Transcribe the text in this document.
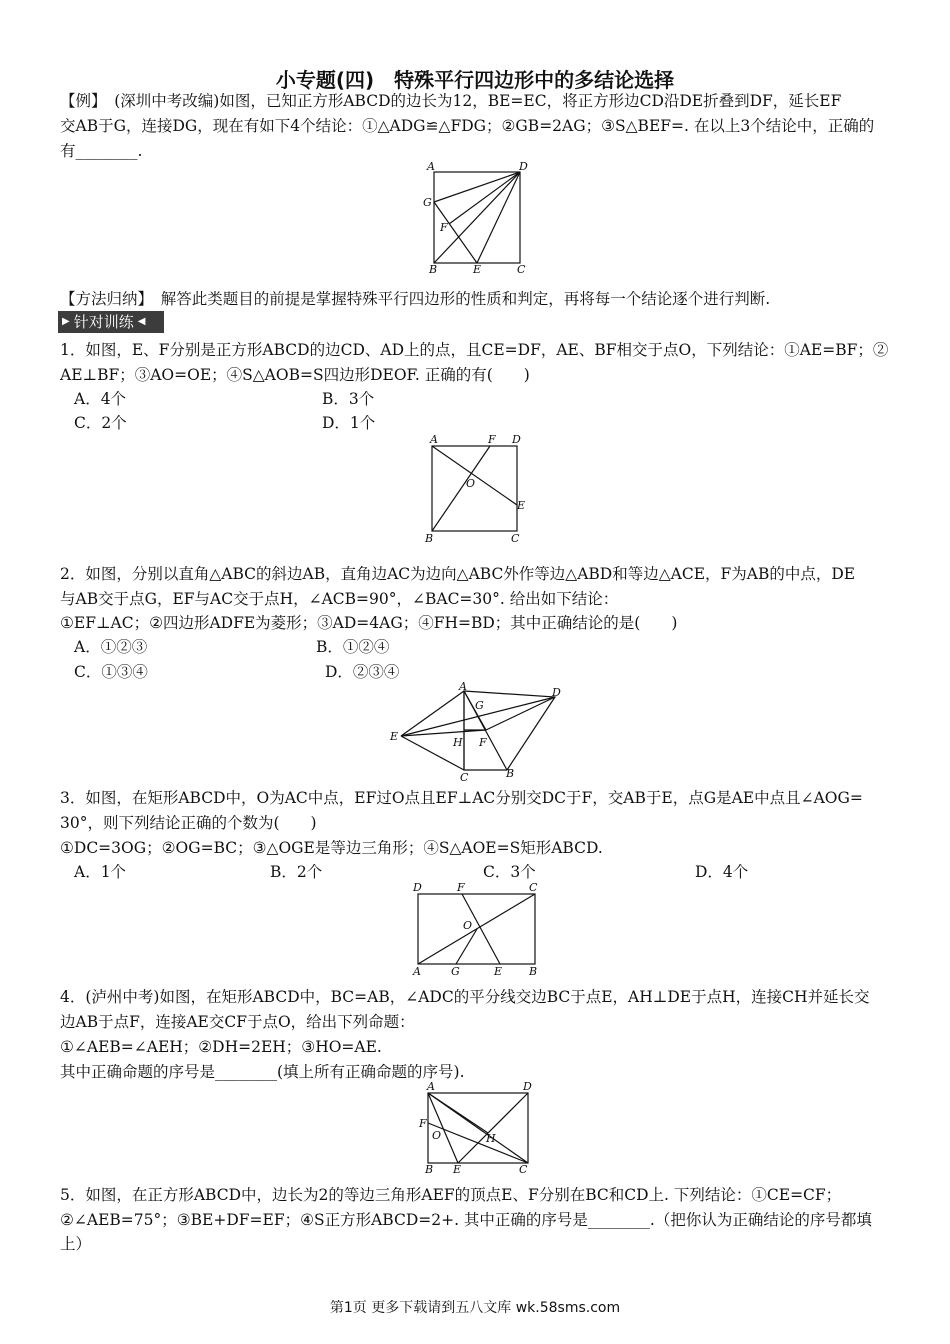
小专题(四)　特殊平行四边形中的多结论选择
【例】　(深圳中考改编)如图，已知正方形ABCD的边长为12，BE=EC，将正方形边CD沿DE折叠到DF，延长EF
交AB于G，连接DG，现在有如下4个结论：①△ADG≌△FDG；②GB=2AG；③S△BEF=. 在以上3个结论中，正确的
有________.
A	D
G
F
B	E	C
【方法归纳】　解答此类题目的前提是掌握特殊平行四边形的性质和判定，再将每一个结论逐个进行判断.
▶ 针对训练 ◀
1．如图，E、F分别是正方形ABCD的边CD、AD上的点，且CE=DF，AE、BF相交于点O，下列结论：①AE=BF；②
AE⊥BF；③AO=OE；④S△AOB=S四边形DEOF. 正确的有(　　)
A．4个	B．3个
C．2个	D．1个
A	F D
O
E
B	C
2．如图，分别以直角△ABC的斜边AB，直角边AC为边向△ABC外作等边△ABD和等边△ACE，F为AB的中点，DE
与AB交于点G，EF与AC交于点H，∠ACB=90°，∠BAC=30°. 给出如下结论：
①EF⊥AC；②四边形ADFE为菱形；③AD=4AG；④FH=BD；其中正确结论的是(　　)
A．①②③	B．①②④
C．①③④	D．②③④
A	D
G
E	H F
C	B
3．如图，在矩形ABCD中，O为AC中点，EF过O点且EF⊥AC分别交DC于F，交AB于E，点G是AE中点且∠AOG=
30°，则下列结论正确的个数为(　　)
①DC=3OG；②OG=BC；③△OGE是等边三角形；④S△AOE=S矩形ABCD.
A．1个	B．2个	C．3个	D．4个
D	F	C
O
A	G	E B
4．(泸州中考)如图，在矩形ABCD中，BC=AB，∠ADC的平分线交边BC于点E，AH⊥DE于点H，连接CH并延长交
边AB于点F，连接AE交CF于点O，给出下列命题：
①∠AEB=∠AEH；②DH=2EH；③HO=AE.
其中正确命题的序号是________(填上所有正确命题的序号).
A	D
F
O	H
B E	C
5．如图，在正方形ABCD中，边长为2的等边三角形AEF的顶点E、F分别在BC和CD上. 下列结论：①CE=CF；
②∠AEB=75°；③BE+DF=EF；④S正方形ABCD=2+. 其中正确的序号是________.（把你认为正确结论的序号都填
上）
第1页 更多下载请到五八文库 wk.58sms.com
